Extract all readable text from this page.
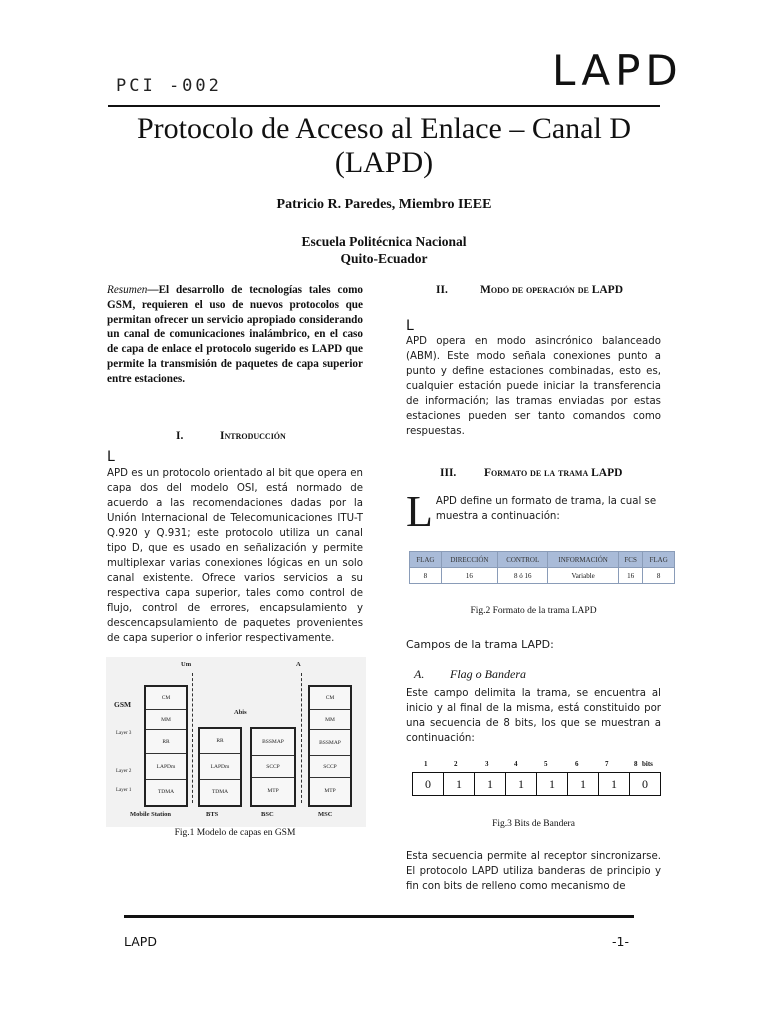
PCI -002	LAPD
Protocolo de Acceso al Enlace – Canal D
(LAPD)
Patricio R. Paredes, Miembro IEEE
Escuela Politécnica Nacional
Quito-Ecuador
Resumen—El desarrollo de tecnologías tales como GSM, requieren el uso de nuevos protocolos que permitan ofrecer un servicio apropiado considerando un canal de comunicaciones inalámbrico, en el caso de capa de enlace el protocolo sugerido es LAPD que permite la transmisión de paquetes de capa superior entre estaciones.
I.	Introducción
L
APD es un protocolo orientado al bit que opera en capa dos del modelo OSI, está normado de acuerdo a las recomendaciones dadas por la Unión Internacional de Telecomunicaciones ITU-T Q.920 y Q.931; este protocolo utiliza un canal tipo D, que es usado en señalización y permite multiplexar varias conexiones lógicas en un solo canal existente. Ofrece varios servicios a su respectiva capa superior, tales como control de flujo, control de errores, encapsulamiento y descencapsulamiento de paquetes provenientes de capa superior o inferior respectivamente.
Um	A
Abis
GSM
Layer 3
Layer 2
Layer 1
CM
MM
RR
LAPDm
TDMA
RR
LAPDm
TDMA
BSSMAP
SCCP
MTP
CM
MM
BSSMAP
SCCP
MTP
Mobile Station	BTS	BSC	MSC
Fig.1 Modelo de capas en GSM
II.	Modo de operación de LAPD
L
APD opera en modo asincrónico balanceado (ABM). Este modo señala conexiones punto a punto y define estaciones combinadas, esto es, cualquier estación puede iniciar la transferencia de información; las tramas enviadas por estas estaciones pueden ser tanto comandos como respuestas.
III. Formato de la trama LAPD
LAPD define un formato de trama, la cual se muestra a continuación:
FLAG	DIRECCIÓN	CONTROL	INFORMACIÓN	FCS	FLAG
8	16	8 ó 16	Variable	16	8
Fig.2 Formato de la trama LAPD
Campos de la trama LAPD:
A. Flag o Bandera
Este campo delimita la trama, se encuentra al inicio y al final de la misma, está constituido por una secuencia de 8 bits, los que se muestran a continuación:
1	2	3	4	5	6	7	8 bits
0	1	1	1	1	1	1	0
Fig.3 Bits de Bandera
Esta secuencia permite al receptor sincronizarse. El protocolo LAPD utiliza banderas de principio y fin con bits de relleno como mecanismo de
LAPD	-1-
